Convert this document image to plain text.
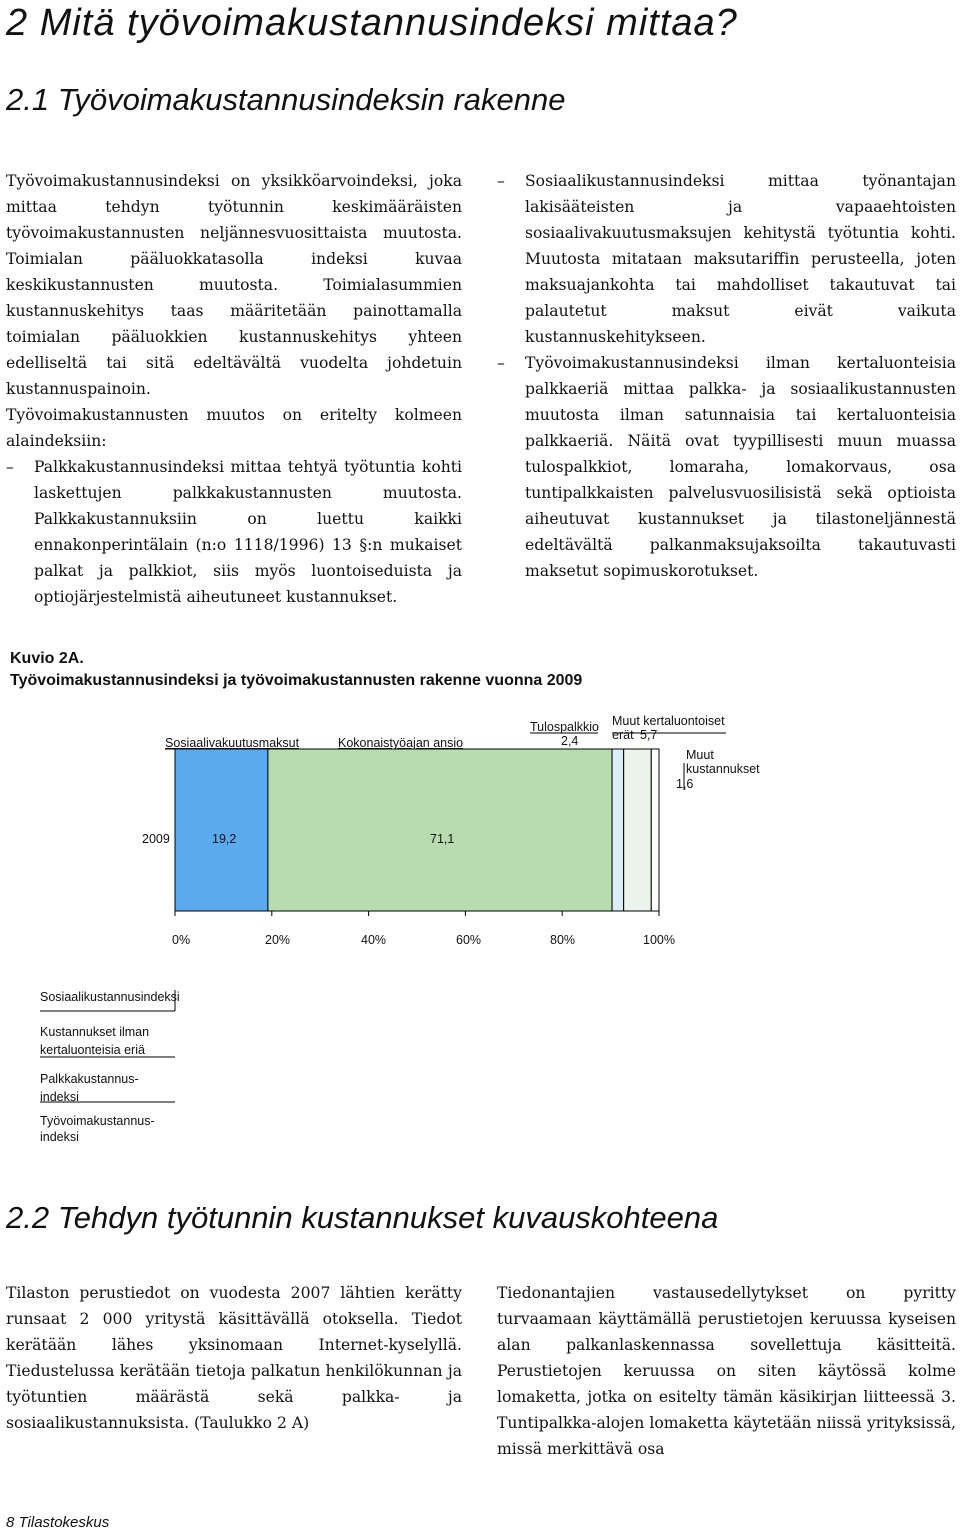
2 Mitä työvoimakustannusindeksi mittaa?
2.1 Työvoimakustannusindeksin rakenne

Työvoimakustannusindeksi on yksikköarvoindeksi, joka mittaa tehdyn työtunnin keskimääräisten työvoimakustannusten neljännesvuosittaista muutosta. Toimialan pääluokkatasolla indeksi kuvaa keskikustannusten muutosta. Toimialasummien kustannuskehitys taas määritetään painottamalla toimialan pääluokkien kustannuskehitys yhteen edelliseltä tai sitä edeltävältä vuodelta johdetuin kustannuspainoin.

Työvoimakustannusten muutos on eritelty kolmeen alaindeksiin:

– Palkkakustannusindeksi mittaa tehtyä työtuntia kohti laskettujen palkkakustannusten muutosta. Palkkakustannuksiin on luettu kaikki ennakonperintälain (n:o 1118/1996) 13 §:n mukaiset palkat ja palkkiot, siis myös luontoiseduista ja optiojärjestelmistä aiheutuneet kustannukset.

– Sosiaalikustannusindeksi mittaa työnantajan lakisääteisten ja vapaaehtoisten sosiaalivakuutusmaksujen kehitystä työtuntia kohti. Muutosta mitataan maksutariffin perusteella, joten maksuajankohta tai mahdolliset takautuvat tai palautetut maksut eivät vaikuta kustannuskehitykseen.

– Työvoimakustannusindeksi ilman kertaluonteisia palkkaeriä mittaa palkka- ja sosiaalikustannusten muutosta ilman satunnaisia tai kertaluonteisia palkkaeriä. Näitä ovat tyypillisesti muun muassa tulospalkkiot, lomaraha, lomakorvaus, osa tuntipalkkaisten palvelusvuosilisistä sekä optioista aiheutuvat kustannukset ja tilastoneljännestä edeltävältä palkanmaksujaksoilta takautuvasti maksetut sopimuskorotukset.

Kuvio 2A.
Työvoimakustannusindeksi ja työvoimakustannusten rakenne vuonna 2009
Sosiaalivakuutusmaksut	Kokonaistyöajan ansio
Tulospalkkio
2,4
Muut kertaluontoiset
erät 5,7
Muut
kustannukset
1,6
2009	19,2	71,1
0%	20%	40%	60%	80%	100%
Sosiaalikustannusindeksi
Kustannukset ilman
kertaluonteisia eriä
Palkkakustannus-
indeksi
Työvoimakustannus-
indeksi
2.2 Tehdyn työtunnin kustannukset kuvauskohteena

Tilaston perustiedot on vuodesta 2007 lähtien kerätty runsaat 2 000 yritystä käsittävällä otoksella. Tiedot kerätään lähes yksinomaan Internet-kyselyllä. Tiedustelussa kerätään tietoja palkatun henkilökunnan ja työtuntien määrästä sekä palkka- ja sosiaalikustannuksista. (Taulukko 2 A)

Tiedonantajien vastausedellytykset on pyritty turvaamaan käyttämällä perustietojen keruussa kyseisen alan palkanlaskennassa sovellettuja käsitteitä. Perustietojen keruussa on siten käytössä kolme lomaketta, jotka on esitelty tämän käsikirjan liitteessä 3. Tuntipalkka-alojen lomaketta käytetään niissä yrityksissä, missä merkittävä osa

8 Tilastokeskus
